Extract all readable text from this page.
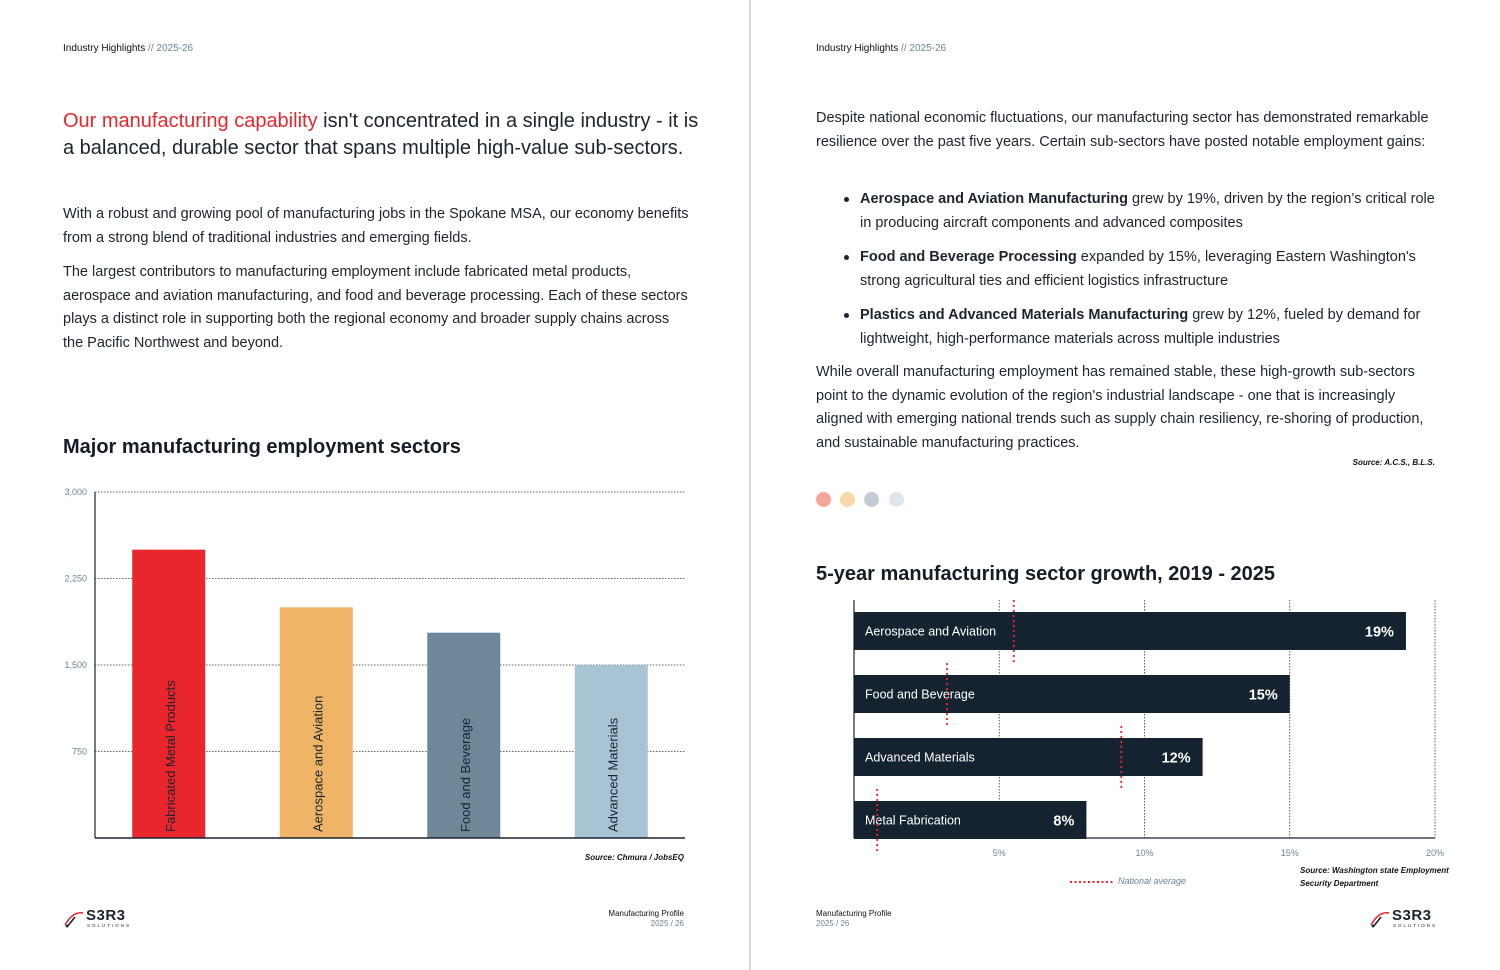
Industry Highlights // 2025-26

Our manufacturing capability isn't concentrated in a single industry - it is a balanced, durable sector that spans multiple high-value sub-sectors.

With a robust and growing pool of manufacturing jobs in the Spokane MSA, our economy benefits from a strong blend of traditional industries and emerging fields.

The largest contributors to manufacturing employment include fabricated metal products, aerospace and aviation manufacturing, and food and beverage processing. Each of these sectors plays a distinct role in supporting both the regional economy and broader supply chains across the Pacific Northwest and beyond.

Major manufacturing employment sectors
750
1,500
2,250
3,000
Fabricated Metal Products	Aerospace and Aviation	Food and Beverage	Advanced Materials
Source: Chmura / JobsEQ
S3R3
SOLUTIONS
Manufacturing Profile
2025 / 26
Industry Highlights // 2025-26

Despite national economic fluctuations, our manufacturing sector has demonstrated remarkable resilience over the past five years. Certain sub-sectors have posted notable employment gains:

Aerospace and Aviation Manufacturing grew by 19%, driven by the region’s critical role in producing aircraft components and advanced composites

Food and Beverage Processing expanded by 15%, leveraging Eastern Washington's strong agricultural ties and efficient logistics infrastructure

Plastics and Advanced Materials Manufacturing grew by 12%, fueled by demand for lightweight, high-performance materials across multiple industries

While overall manufacturing employment has remained stable, these high-growth sub-sectors point to the dynamic evolution of the region's industrial landscape - one that is increasingly aligned with emerging national trends such as supply chain resiliency, re-shoring of production, and sustainable manufacturing practices.

Source: A.C.S., B.L.S.
5-year manufacturing sector growth, 2019 - 2025
5%	10%	15%	20%
Aerospace and Aviation	19%
Food and Beverage	15%
Advanced Materials	12%
Metal Fabrication	8%
National average
Source: Washington state Employment
Security Department
Manufacturing Profile
2025 / 26	S3R3
SOLUTIONS
